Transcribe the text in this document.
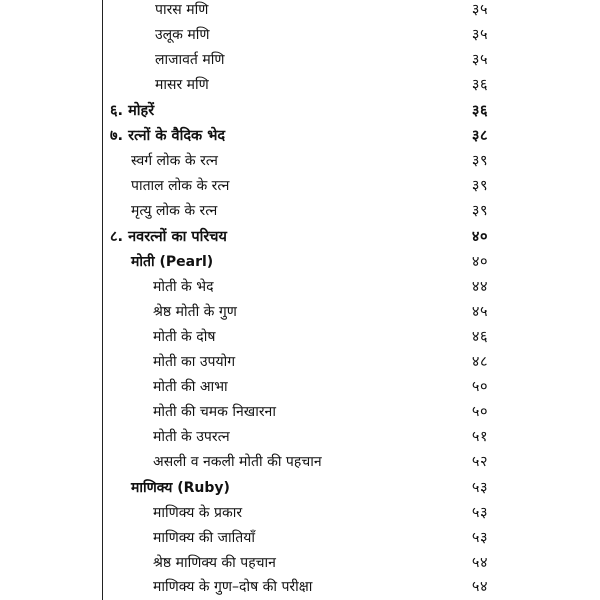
पारस मणि	३५
उलूक मणि	३५
लाजावर्त मणि	३५
मासर मणि	३६
६. मोहरें	३६
७. रत्नों के वैदिक भेद	३८
स्वर्ग लोक के रत्न	३९
पाताल लोक के रत्न	३९
मृत्यु लोक के रत्न	३९
८. नवरत्नों का परिचय	४०
मोती (Pearl)	४०
मोती के भेद	४४
श्रेष्ठ मोती के गुण	४५
मोती के दोष	४६
मोती का उपयोग	४८
मोती की आभा	५०
मोती की चमक निखारना	५०
मोती के उपरत्न	५१
असली व नकली मोती की पहचान	५२
माणिक्य (Ruby)	५३
माणिक्य के प्रकार	५३
माणिक्य की जातियाँ	५३
श्रेष्ठ माणिक्य की पहचान	५४
माणिक्य के गुण–दोष की परीक्षा	५४
